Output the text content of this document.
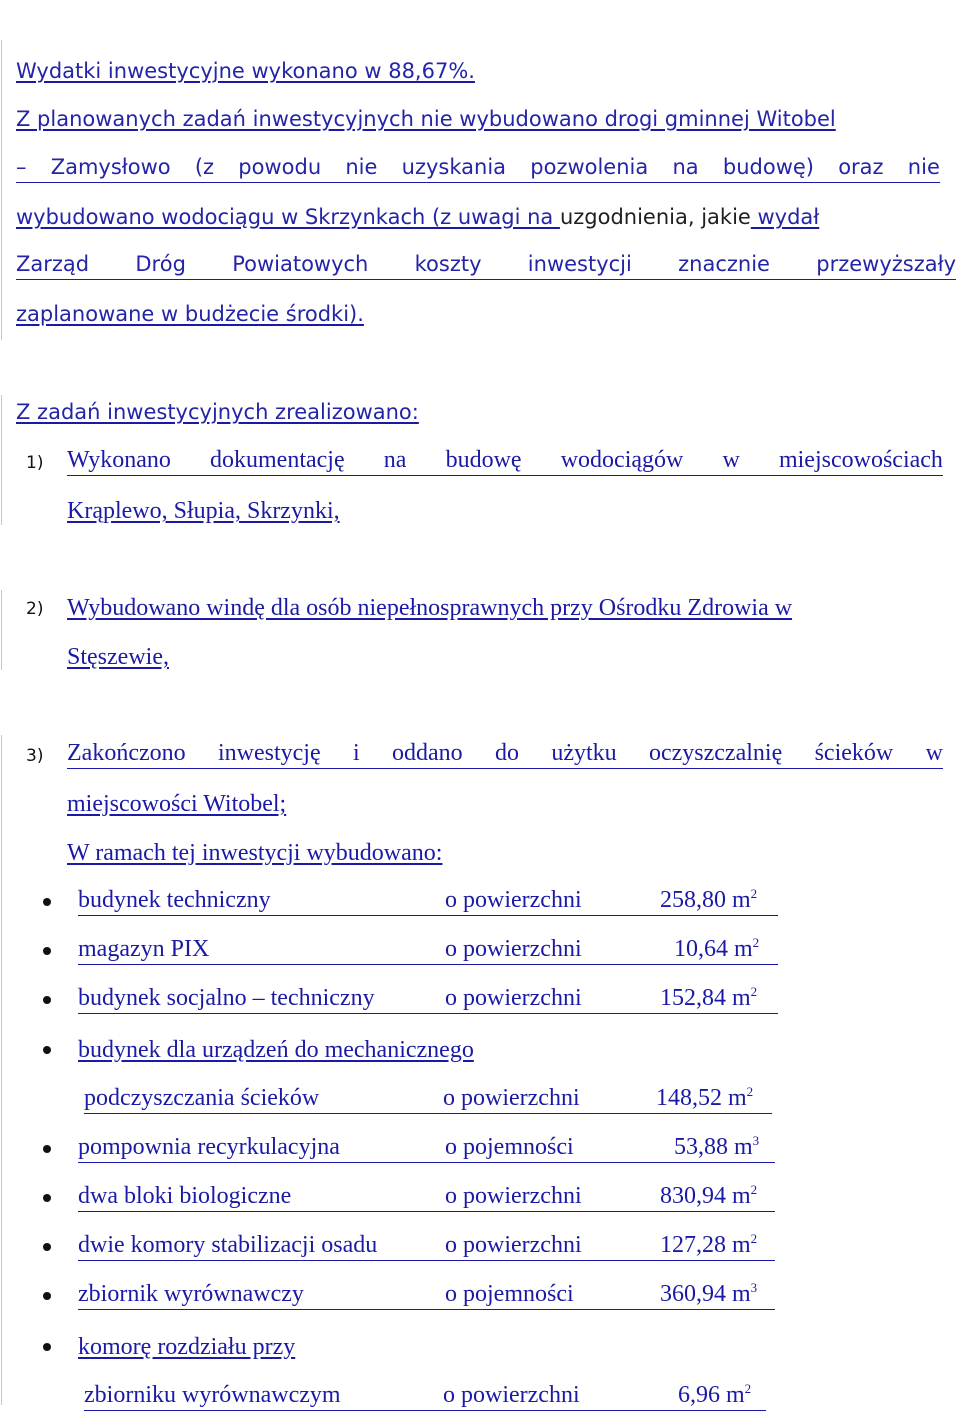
Wydatki inwestycyjne wykonano w 88,67%.

Z planowanych zadań inwestycyjnych nie wybudowano drogi gminnej Witobel

– Zamysłowo (z powodu nie uzyskania pozwolenia na budowę) oraz nie

wybudowano wodociągu w Skrzynkach (z uwagi na uzgodnienia, jakie wydał

Zarząd Dróg Powiatowych koszty inwestycji znacznie przewyższały

zaplanowane w budżecie środki).

Z zadań inwestycyjnych zrealizowano:

1) Wykonano dokumentację na budowę wodociągów w miejscowościach

Krąplewo, Słupia, Skrzynki,

2) Wybudowano windę dla osób niepełnosprawnych przy Ośrodku Zdrowia w

Stęszewie,

3) Zakończono inwestycję i oddano do użytku oczyszczalnię ścieków w

miejscowości Witobel;

W ramach tej inwestycji wybudowano:

budynek techniczny	o powierzchni	258,80 $m^2$
magazyn PIX	o powierzchni	10,64 $m^2$
budynek socjalno – techniczny	o powierzchni	152,84 $m^2$

budynek dla urządzeń do mechanicznego

podczyszczania ścieków	o powierzchni	148,52 $m^2$
pompownia recyrkulacyjna	o pojemności	53,88 $m^3$
dwa bloki biologiczne	o powierzchni	830,94 $m^2$
dwie komory stabilizacji osadu	o powierzchni	127,28 $m^2$
zbiornik wyrównawczy	o pojemności	360,94 $m^3$

komorę rozdziału przy

zbiorniku wyrównawczym	o powierzchni	6,96 $m^2$
